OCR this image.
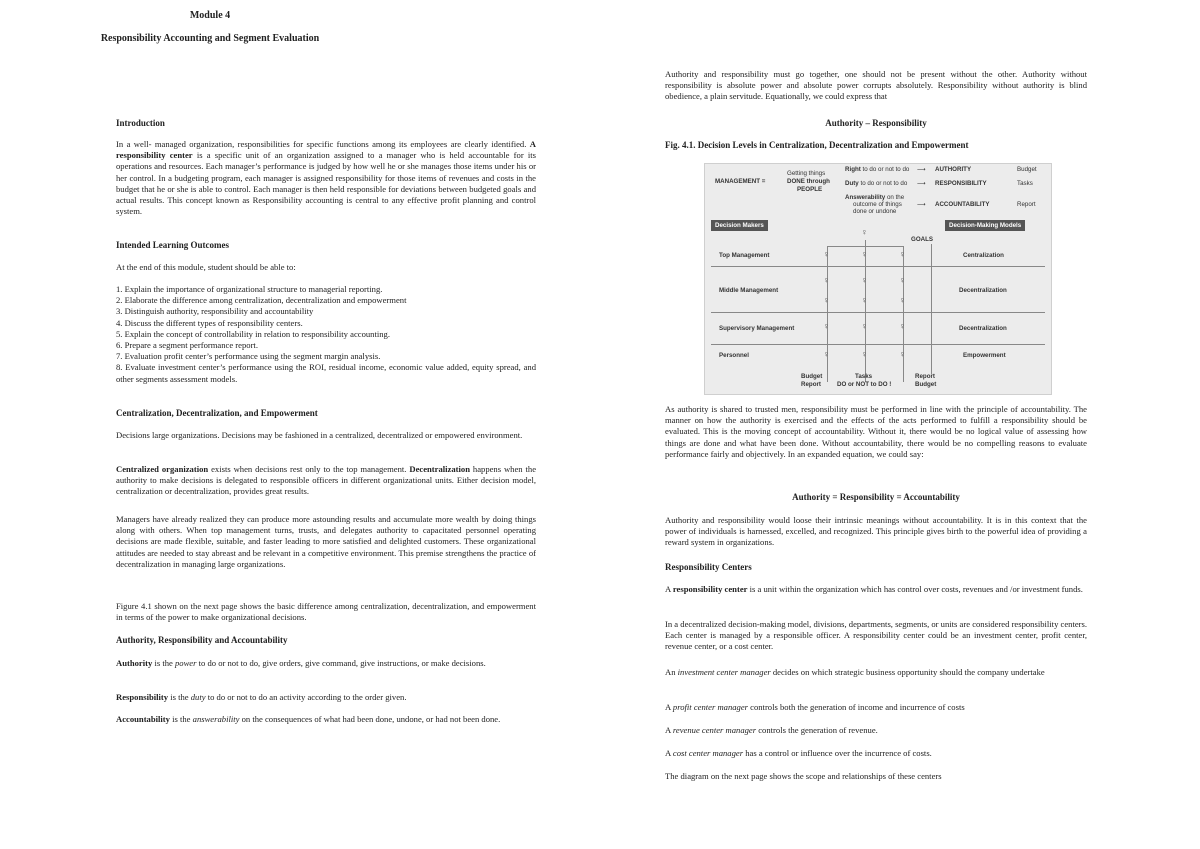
Module 4

Responsibility Accounting and Segment Evaluation

Introduction

In a well- managed organization, responsibilities for specific functions among its employees are clearly identified. A responsibility center is a specific unit of an organization assigned to a manager who is held accountable for its operations and resources. Each manager’s performance is judged by how well he or she manages those items under his or her control. In a budgeting program, each manager is assigned responsibility for those items of revenues and costs in the budget that he or she is able to control. Each manager is then held responsible for deviations between budgeted goals and actual results. This concept known as Responsibility accounting is central to any effective profit planning and control system.

Intended Learning Outcomes

At the end of this module, student should be able to:

1. Explain the importance of organizational structure to managerial reporting.
2. Elaborate the difference among centralization, decentralization and empowerment
3. Distinguish authority, responsibility and accountability
4. Discuss the different types of responsibility centers.
5. Explain the concept of controllability in relation to responsibility accounting.
6. Prepare a segment performance report.
7. Evaluation profit center’s performance using the segment margin analysis.
8. Evaluate investment center’s performance using the ROI, residual income, economic value added, equity spread, and other segments assessment models.

Centralization, Decentralization, and Empowerment

Decisions large organizations. Decisions may be fashioned in a centralized, decentralized or empowered environment.

Centralized organization exists when decisions rest only to the top management. Decentralization happens when the authority to make decisions is delegated to responsible officers in different organizational units. Either decision model, centralization or decentralization, provides great results.

Managers have already realized they can produce more astounding results and accumulate more wealth by doing things along with others. When top management turns, trusts, and delegates authority to capacitated personnel operating decisions are made flexible, suitable, and faster leading to more satisfied and delighted customers. These organizational attitudes are needed to stay abreast and be relevant in a competitive environment. This premise strengthens the practice of decentralization in managing large organizations.

Figure 4.1 shown on the next page shows the basic difference among centralization, decentralization, and empowerment in terms of the power to make organizational decisions.

Authority, Responsibility and Accountability

Authority is the power to do or not to do, give orders, give command, give instructions, or make decisions.

Responsibility is the duty to do or not to do an activity according to the order given.

Accountability is the answerability on the consequences of what had been done, undone, or had not been done.

Authority and responsibility must go together, one should not be present without the other. Authority without responsibility is absolute power and absolute power corrupts absolutely. Responsibility without authority is blind obedience, a plain servitude. Equationally, we could express that

Authority – Responsibility

Fig. 4.1. Decision Levels in Centralization, Decentralization and Empowerment

MANAGEMENT =
Getting things
DONE through
PEOPLE
Right to do or not to do
Duty to do or not to do
Answerability on the
outcome of things
done or undone
⟶
⟶
⟶
AUTHORITY
RESPONSIBILITY
ACCOUNTABILITY
Budget
Tasks
Report
Decision Makers	Decision-Making Models
GOALS
♀
Top Management	Centralization
♀	♀	♀
Middle Management	Decentralization
♀	♀	♀
♀	♀	♀
Supervisory Management	Decentralization
♀	♀	♀
Personnel	Empowerment
♀	♀	♀
Budget
Report
Tasks
DO or NOT to DO !
Report
Budget

As authority is shared to trusted men, responsibility must be performed in line with the principle of accountability. The manner on how the authority is exercised and the effects of the acts performed to fulfill a responsibility should be evaluated. This is the moving concept of accountability. Without it, there would be no logical value of assessing how things are done and what have been done. Without accountability, there would be no compelling reasons to evaluate performance fairly and objectively. In an expanded equation, we could say:

Authority = Responsibility = Accountability

Authority and responsibility would loose their intrinsic meanings without accountability. It is in this context that the power of individuals is harnessed, excelled, and recognized. This principle gives birth to the powerful idea of providing a reward system in organizations.

Responsibility Centers

A responsibility center is a unit within the organization which has control over costs, revenues and /or investment funds.

In a decentralized decision-making model, divisions, departments, segments, or units are considered responsibility centers. Each center is managed by a responsible officer. A responsibility center could be an investment center, profit center, revenue center, or a cost center.

An investment center manager decides on which strategic business opportunity should the company undertake

A profit center manager controls both the generation of income and incurrence of costs

A revenue center manager controls the generation of revenue.

A cost center manager has a control or influence over the incurrence of costs.

The diagram on the next page shows the scope and relationships of these centers
